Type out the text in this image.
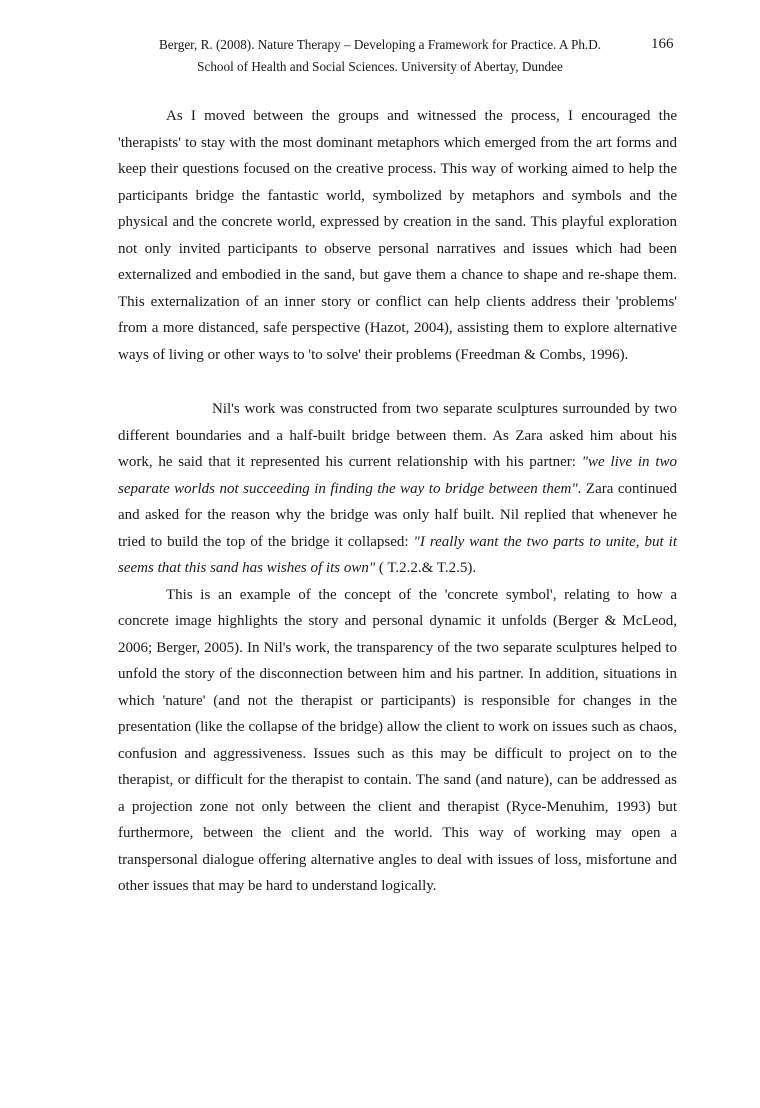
Berger, R. (2008). Nature Therapy – Developing a Framework for Practice. A Ph.D.
School of Health and Social Sciences. University of Abertay, Dundee
166

As I moved between the groups and witnessed the process, I encouraged the 'therapists' to stay with the most dominant metaphors which emerged from the art forms and keep their questions focused on the creative process. This way of working aimed to help the participants bridge the fantastic world, symbolized by metaphors and symbols and the physical and the concrete world, expressed by creation in the sand. This playful exploration not only invited participants to observe personal narratives and issues which had been externalized and embodied in the sand, but gave them a chance to shape and re-shape them. This externalization of an inner story or conflict can help clients address their 'problems' from a more distanced, safe perspective (Hazot, 2004), assisting them to explore alternative ways of living or other ways to 'to solve' their problems (Freedman & Combs, 1996).

Nil's work was constructed from two separate sculptures surrounded by two different boundaries and a half-built bridge between them. As Zara asked him about his work, he said that it represented his current relationship with his partner: "we live in two separate worlds not succeeding in finding the way to bridge between them". Zara continued and asked for the reason why the bridge was only half built. Nil replied that whenever he tried to build the top of the bridge it collapsed: "I really want the two parts to unite, but it seems that this sand has wishes of its own" ( T.2.2.& T.2.5).

This is an example of the concept of the 'concrete symbol', relating to how a concrete image highlights the story and personal dynamic it unfolds (Berger & McLeod, 2006; Berger, 2005). In Nil's work, the transparency of the two separate sculptures helped to unfold the story of the disconnection between him and his partner. In addition, situations in which 'nature' (and not the therapist or participants) is responsible for changes in the presentation (like the collapse of the bridge) allow the client to work on issues such as chaos, confusion and aggressiveness. Issues such as this may be difficult to project on to the therapist, or difficult for the therapist to contain. The sand (and nature), can be addressed as a projection zone not only between the client and therapist (Ryce-Menuhim, 1993) but furthermore, between the client and the world. This way of working may open a transpersonal dialogue offering alternative angles to deal with issues of loss, misfortune and other issues that may be hard to understand logically.
